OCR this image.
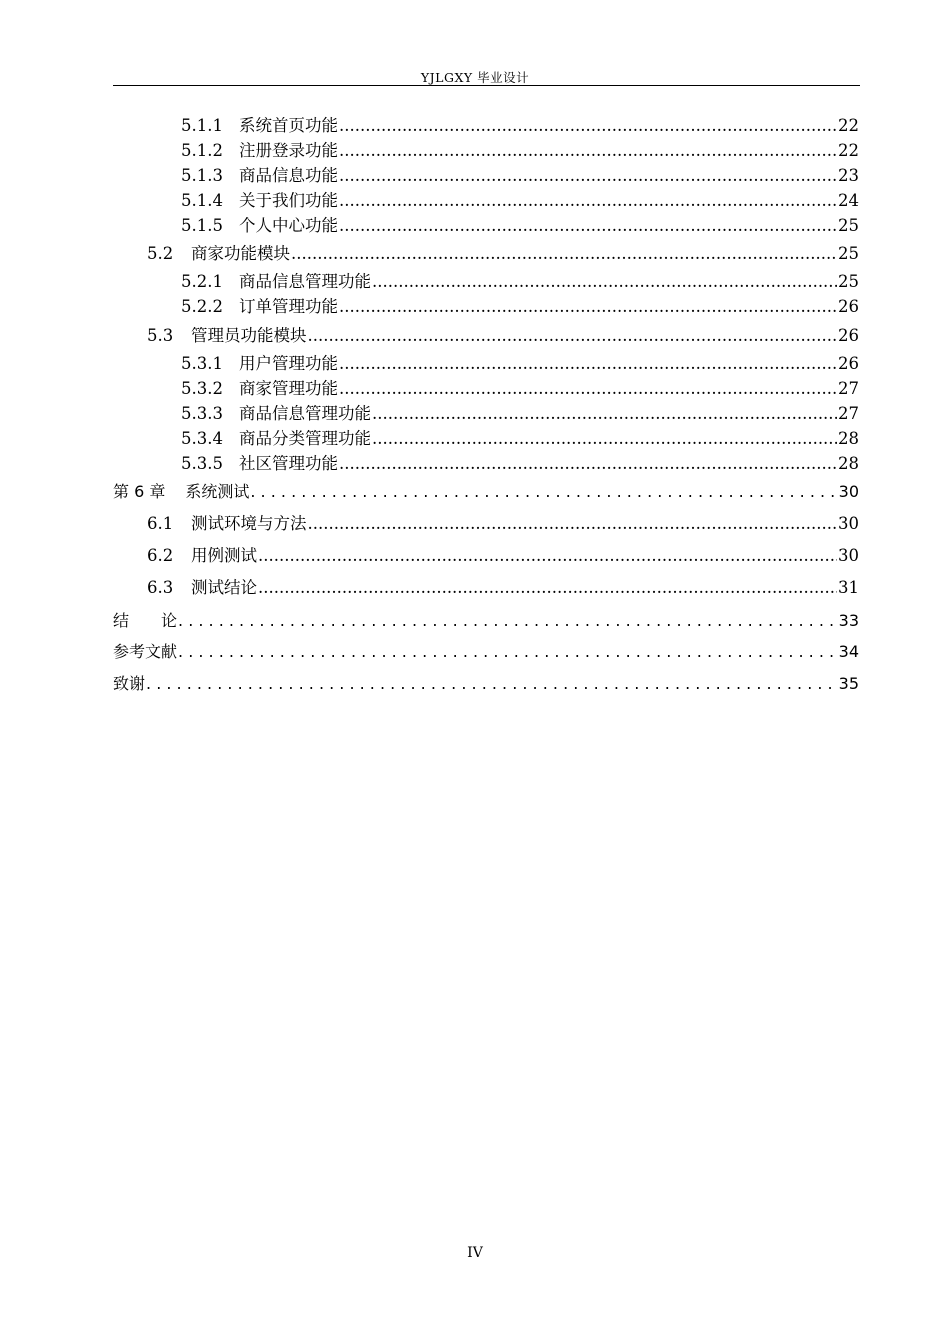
YJLGXY 毕业设计
5.1.1 系统首页功能 .....	22
5.1.2 注册登录功能 .....	22
5.1.3 商品信息功能 .....	23
5.1.4 关于我们功能 .....	24
5.1.5 个人中心功能 .....	25
5.2	商家功能模块 .....	25
5.2.1 商品信息管理功能 .....	25
5.2.2 订单管理功能 .....	26
5.3	管理员功能模块 .....	26
5.3.1 用户管理功能 .....	26
5.3.2 商家管理功能 .....	27
5.3.3 商品信息管理功能 .....	27
5.3.4 商品分类管理功能 .....	28
5.3.5 社区管理功能 .....	28
第 6 章 系统测试 . . .	30
6.1	测试环境与方法 .....	30
6.2	用例测试 .....	30
6.3	测试结论 .....	31
结　　论 . . .	33
参考文献 . . .	34
致谢 . . .	35
IV
